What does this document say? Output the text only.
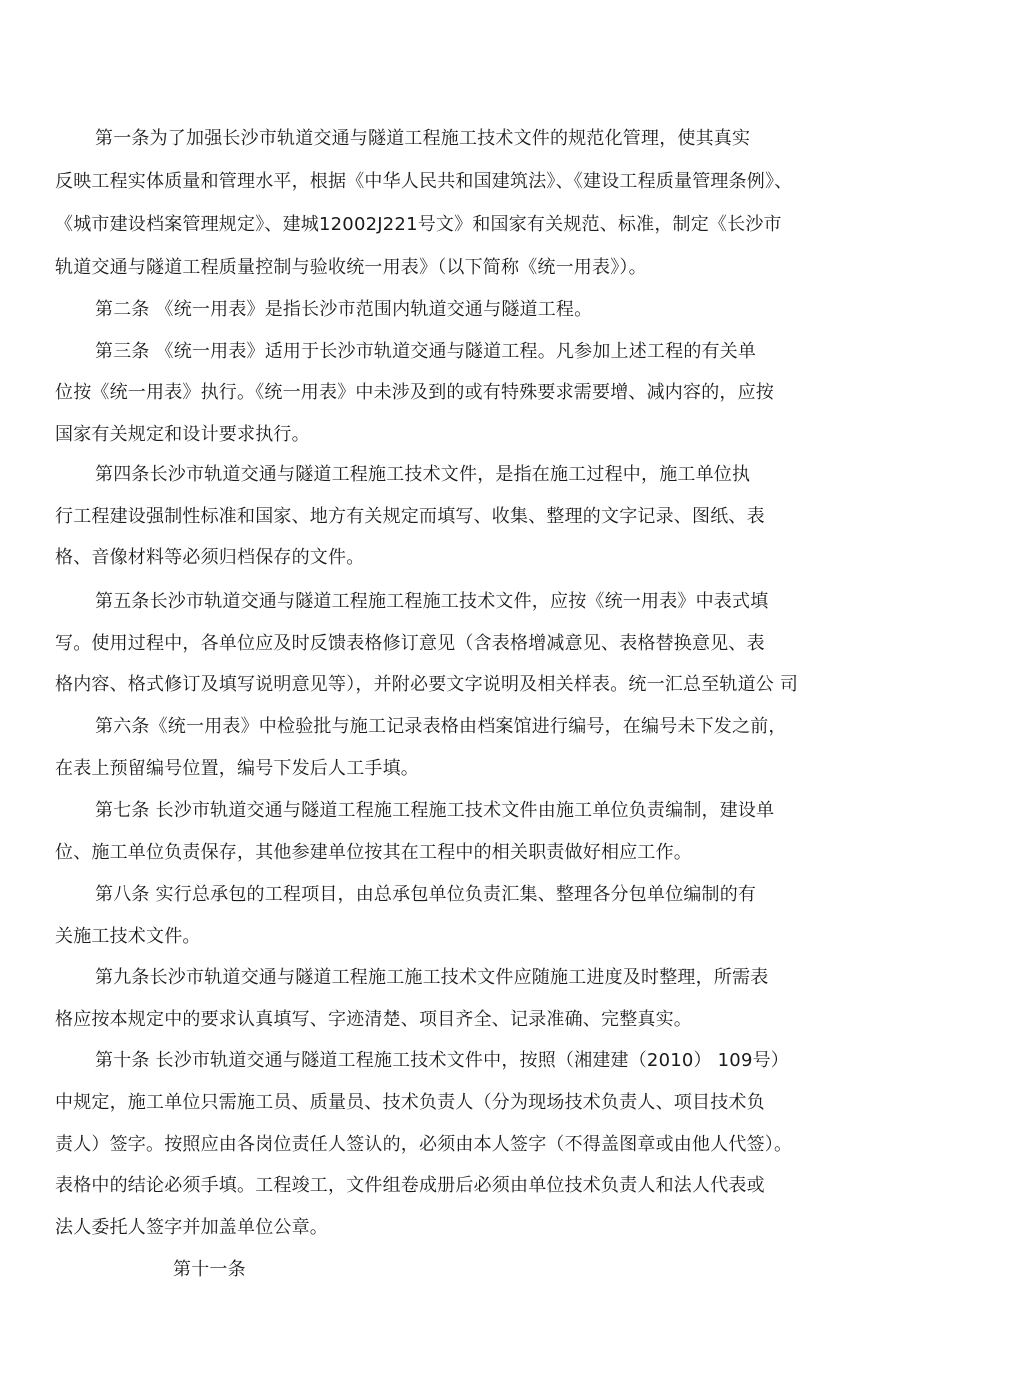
第一条为了加强长沙市轨道交通与隧道工程施工技术文件的规范化管理，使其真实
反映工程实体质量和管理水平，根据《中华人民共和国建筑法》、《建设工程质量管理条例》、
《城市建设档案管理规定》、建城12002J221号文》和国家有关规范、标准，制定《长沙市
轨道交通与隧道工程质量控制与验收统一用表》（以下简称《统一用表》）。
第二条 《统一用表》是指长沙市范围内轨道交通与隧道工程。
第三条 《统一用表》适用于长沙市轨道交通与隧道工程。凡参加上述工程的有关单
位按《统一用表》执行。《统一用表》中未涉及到的或有特殊要求需要增、减内容的，应按
国家有关规定和设计要求执行。
第四条长沙市轨道交通与隧道工程施工技术文件，是指在施工过程中，施工单位执
行工程建设强制性标准和国家、地方有关规定而填写、收集、整理的文字记录、图纸、表
格、音像材料等必须归档保存的文件。
第五条长沙市轨道交通与隧道工程施工程施工技术文件，应按《统一用表》中表式填
写。使用过程中，各单位应及时反馈表格修订意见（含表格增减意见、表格替换意见、表
格内容、格式修订及填写说明意见等），并附必要文字说明及相关样表。统一汇总至轨道公 司
第六条《统一用表》中检验批与施工记录表格由档案馆进行编号，在编号未下发之前，
在表上预留编号位置，编号下发后人工手填。
第七条 长沙市轨道交通与隧道工程施工程施工技术文件由施工单位负责编制，建设单
位、施工单位负责保存，其他参建单位按其在工程中的相关职责做好相应工作。
第八条 实行总承包的工程项目，由总承包单位负责汇集、整理各分包单位编制的有
关施工技术文件。
第九条长沙市轨道交通与隧道工程施工施工技术文件应随施工进度及时整理，所需表
格应按本规定中的要求认真填写、字迹清楚、项目齐全、记录准确、完整真实。
第十条 长沙市轨道交通与隧道工程施工技术文件中，按照（湘建建（2010） 109号）
中规定，施工单位只需施工员、质量员、技术负责人（分为现场技术负责人、项目技术负
责人）签字。按照应由各岗位责任人签认的，必须由本人签字（不得盖图章或由他人代签）。
表格中的结论必须手填。工程竣工，文件组卷成册后必须由单位技术负责人和法人代表或
法人委托人签字并加盖单位公章。
第十一条
